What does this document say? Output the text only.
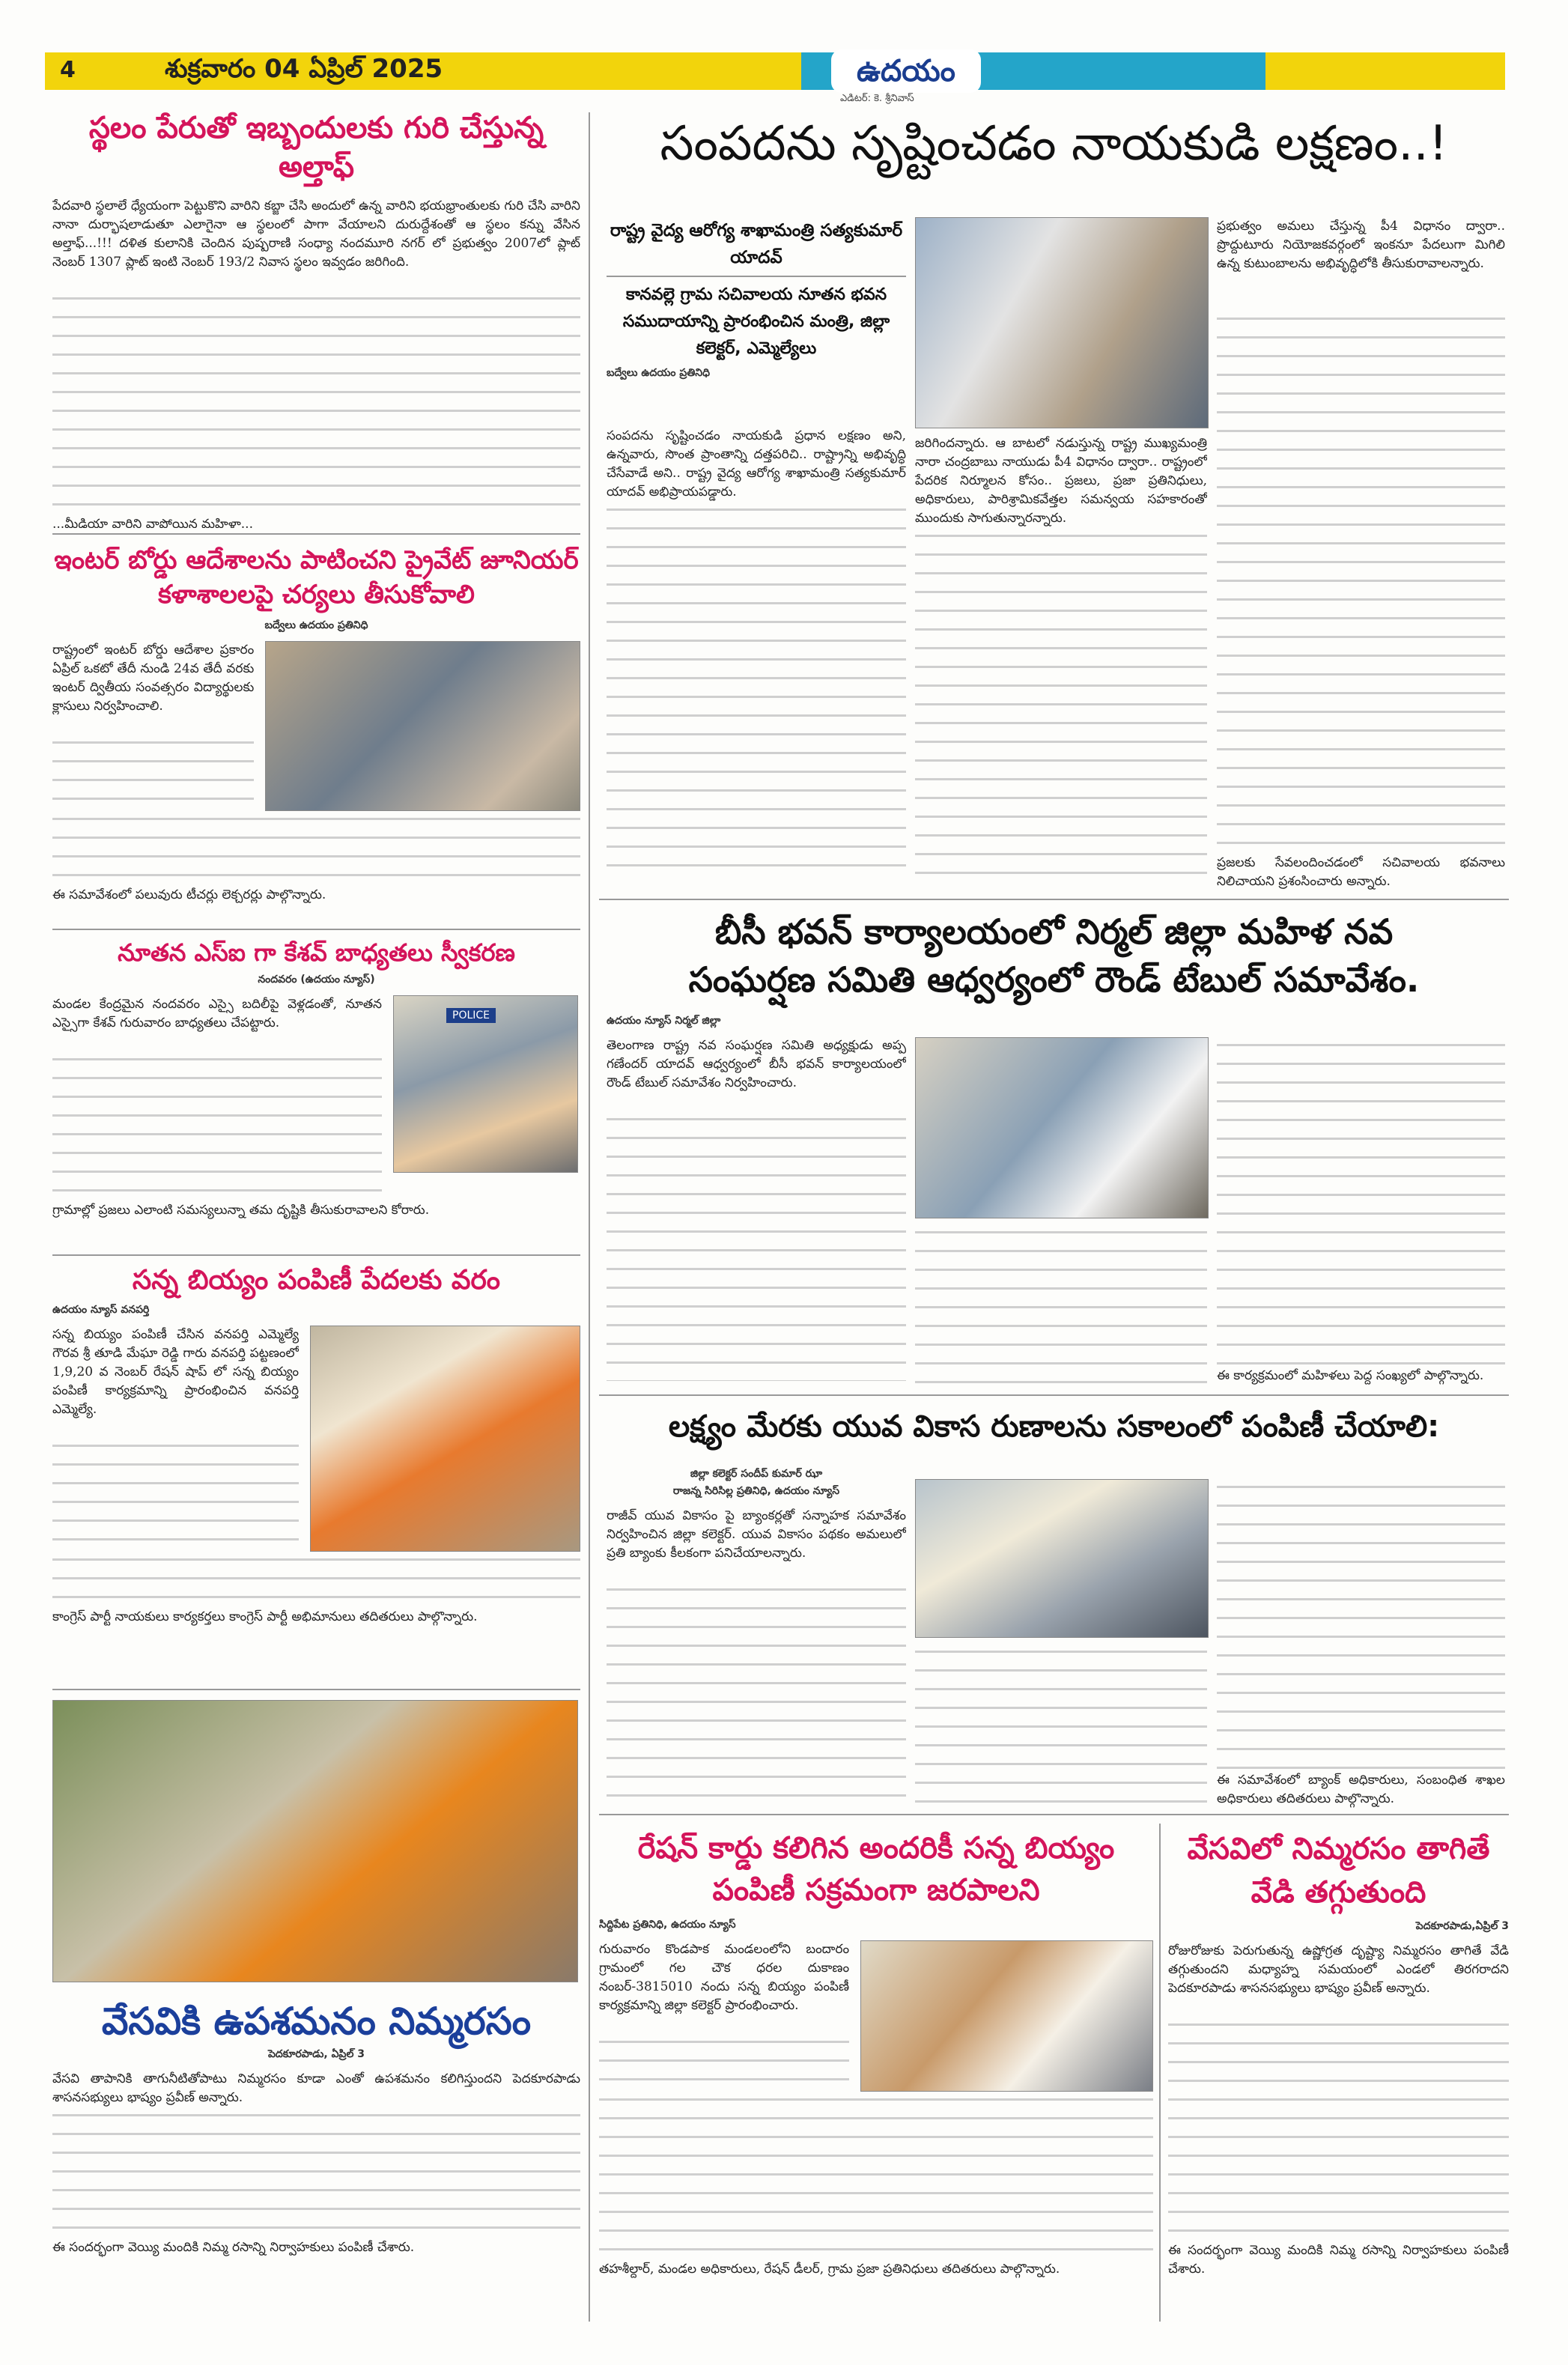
4	శుక్రవారం 04 ఏప్రిల్ 2025	ఉదయం
ఎడిటర్: కె. శ్రీనివాస్
స్థలం పేరుతో ఇబ్బందులకు గురి చేస్తున్న అల్తాఫ్
పేదవారి స్థలాలే ధ్యేయంగా పెట్టుకొని వారిని కబ్జా చేసి అందులో ఉన్న వారిని భయభ్రాంతులకు గురి చేసి వారిని నానా దుర్భాషలాడుతూ ఎలాగైనా ఆ స్థలంలో పాగా వేయాలని దురుద్దేశంతో ఆ స్థలం కన్ను వేసిన అల్తాఫ్...!!! దళిత కులానికి చెందిన పుష్పరాణి సంధ్యా నందమూరి నగర్ లో ప్రభుత్వం 2007లో ప్లాట్ నెంబర్ 1307 ప్లాట్ ఇంటి నెంబర్ 193/2 నివాస స్థలం ఇవ్వడం జరిగింది.
...మీడియా వారిని వాపోయిన మహిళా...
ఇంటర్ బోర్డు ఆదేశాలను పాటించని ప్రైవేట్ జూనియర్ కళాశాలలపై చర్యలు తీసుకోవాలి
బద్వేలు ఉదయం ప్రతినిధి
రాష్ట్రంలో ఇంటర్ బోర్డు ఆదేశాల ప్రకారం ఏప్రిల్ ఒకటో తేదీ నుండి 24వ తేదీ వరకు ఇంటర్ ద్వితీయ సంవత్సరం విద్యార్థులకు క్లాసులు నిర్వహించాలి.
ఈ సమావేశంలో పలువురు టీచర్లు లెక్చరర్లు పాల్గొన్నారు.
నూతన ఎస్ఐ గా కేశవ్ బాధ్యతలు స్వీకరణ
నందవరం (ఉదయం న్యూస్)
మండల కేంద్రమైన నందవరం ఎస్సై బదిలీపై వెళ్లడంతో, నూతన ఎస్సైగా కేశవ్ గురువారం బాధ్యతలు చేపట్టారు.	POLICE
గ్రామాల్లో ప్రజలు ఎలాంటి సమస్యలున్నా తమ దృష్టికి తీసుకురావాలని కోరారు.
సన్న బియ్యం పంపిణీ పేదలకు వరం
ఉదయం న్యూస్ వనపర్తి
సన్న బియ్యం పంపిణీ చేసిన వనపర్తి ఎమ్మెల్యే గౌరవ శ్రీ తూడి మేఘా రెడ్డి గారు వనపర్తి పట్టణంలో 1,9,20 వ నెంబర్ రేషన్ షాప్ లో సన్న బియ్యం పంపిణీ కార్యక్రమాన్ని ప్రారంభించిన వనపర్తి ఎమ్మెల్యే.
కాంగ్రెస్ పార్టీ నాయకులు కార్యకర్తలు కాంగ్రెస్ పార్టీ అభిమానులు తదితరులు పాల్గొన్నారు.
వేసవికి ఉపశమనం నిమ్మరసం
పెదకూరపాడు, ఏప్రిల్ 3
వేసవి తాపానికి తాగునీటితోపాటు నిమ్మరసం కూడా ఎంతో ఉపశమనం కలిగిస్తుందని పెదకూరపాడు శాసనసభ్యులు భాష్యం ప్రవీణ్ అన్నారు.
ఈ సందర్భంగా వెయ్యి మందికి నిమ్మ రసాన్ని నిర్వాహకులు పంపిణీ చేశారు.
సంపదను సృష్టించడం నాయకుడి లక్షణం..!
రాష్ట్ర వైద్య ఆరోగ్య శాఖామంత్రి సత్యకుమార్ యాదవ్
కానవల్లె గ్రామ సచివాలయ నూతన భవన సముదాయాన్ని ప్రారంభించిన మంత్రి, జిల్లా కలెక్టర్, ఎమ్మెల్యేలు
బద్వేలు ఉదయం ప్రతినిధి
సంపదను సృష్టించడం నాయకుడి ప్రధాన లక్షణం అని, ఉన్నవారు, సొంత ప్రాంతాన్ని దత్తపరిచి.. రాష్ట్రాన్ని అభివృద్ధి చేసేవాడే అని.. రాష్ట్ర వైద్య ఆరోగ్య శాఖామంత్రి సత్యకుమార్ యాదవ్ అభిప్రాయపడ్డారు.
జరిగిందన్నారు. ఆ బాటలో నడుస్తున్న రాష్ట్ర ముఖ్యమంత్రి నారా చంద్రబాబు నాయుడు పీ4 విధానం ద్వారా.. రాష్ట్రంలో పేదరిక నిర్మూలన కోసం.. ప్రజలు, ప్రజా ప్రతినిధులు, అధికారులు, పారిశ్రామికవేత్తల సమన్వయ సహకారంతో ముందుకు సాగుతున్నారన్నారు.
ప్రభుత్వం అమలు చేస్తున్న పీ4 విధానం ద్వారా.. ప్రొద్దుటూరు నియోజకవర్గంలో ఇంకనూ పేదలుగా మిగిలి ఉన్న కుటుంబాలను అభివృద్ధిలోకి తీసుకురావాలన్నారు.
ప్రజలకు సేవలందించడంలో సచివాలయ భవనాలు నిలిచాయని ప్రశంసించారు అన్నారు.
బీసీ భవన్ కార్యాలయంలో నిర్మల్ జిల్లా మహిళ నవ
సంఘర్షణ సమితి ఆధ్వర్యంలో రౌండ్ టేబుల్ సమావేశం.
ఉదయం న్యూస్ నిర్మల్ జిల్లా
తెలంగాణ రాష్ట్ర నవ సంఘర్షణ సమితి అధ్యక్షుడు అప్ప గణేందర్ యాదవ్ ఆధ్వర్యంలో బీసీ భవన్ కార్యాలయంలో రౌండ్ టేబుల్ సమావేశం నిర్వహించారు.
ఈ కార్యక్రమంలో మహిళలు పెద్ద సంఖ్యలో పాల్గొన్నారు.
లక్ష్యం మేరకు యువ వికాస రుణాలను సకాలంలో పంపిణీ చేయాలి:
జిల్లా కలెక్టర్ సందీప్ కుమార్ ఝా
రాజన్న సిరిసిల్ల ప్రతినిధి, ఉదయం న్యూస్
రాజీవ్ యువ వికాసం పై బ్యాంకర్లతో సన్నాహక సమావేశం నిర్వహించిన జిల్లా కలెక్టర్. యువ వికాసం పథకం అమలులో ప్రతి బ్యాంకు కీలకంగా పనిచేయాలన్నారు.
ఈ సమావేశంలో బ్యాంక్ అధికారులు, సంబంధిత శాఖల అధికారులు తదితరులు పాల్గొన్నారు.
రేషన్ కార్డు కలిగిన అందరికీ సన్న బియ్యం పంపిణీ సక్రమంగా జరపాలని
సిద్దిపేట ప్రతినిధి, ఉదయం న్యూస్
గురువారం కొండపాక మండలంలోని బందారం గ్రామంలో గల చౌక ధరల దుకాణం నంబర్-3815010 నందు సన్న బియ్యం పంపిణీ కార్యక్రమాన్ని జిల్లా కలెక్టర్ ప్రారంభించారు.
తహశీల్దార్, మండల అధికారులు, రేషన్ డీలర్, గ్రామ ప్రజా ప్రతినిధులు తదితరులు పాల్గొన్నారు.
వేసవిలో నిమ్మరసం తాగితే వేడి తగ్గుతుంది
పెదకూరపాడు,ఏప్రిల్ 3
రోజురోజుకు పెరుగుతున్న ఉష్ణోగ్రత దృష్ట్యా నిమ్మరసం తాగితే వేడి తగ్గుతుందని మధ్యాహ్న సమయంలో ఎండలో తిరగరాదని పెదకూరపాడు శాసనసభ్యులు భాష్యం ప్రవీణ్ అన్నారు.
ఈ సందర్భంగా వెయ్యి మందికి నిమ్మ రసాన్ని నిర్వాహకులు పంపిణీ చేశారు.
